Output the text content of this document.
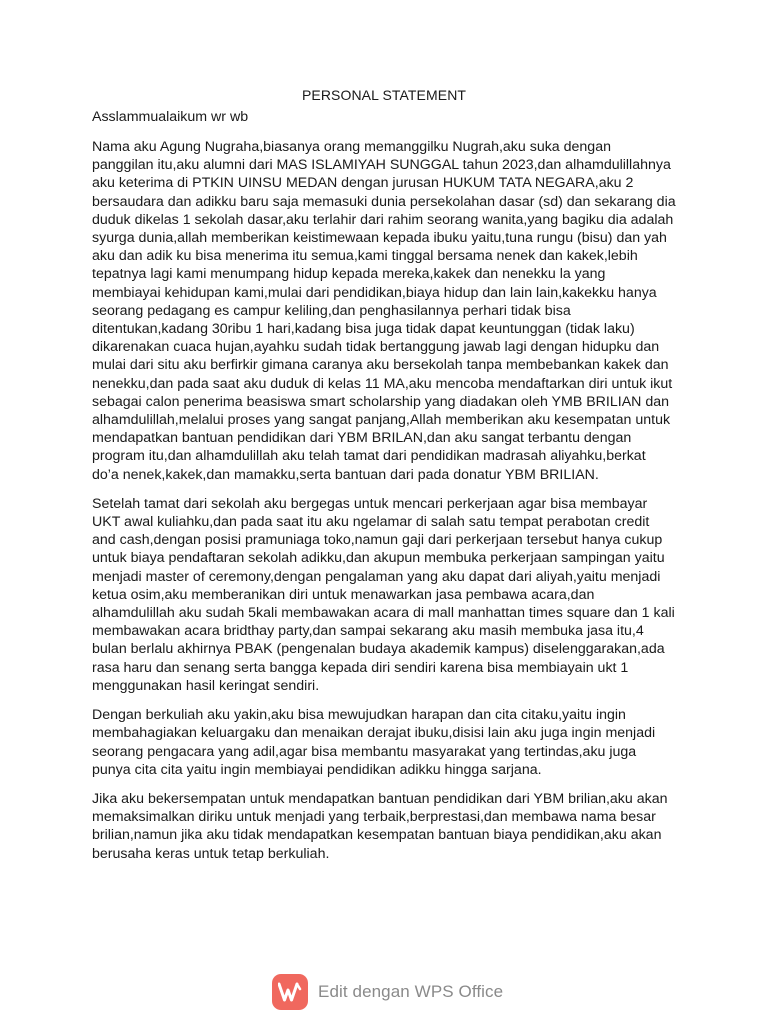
PERSONAL STATEMENT
Asslammualaikum wr wb

Nama aku Agung Nugraha,biasanya orang memanggilku Nugrah,aku suka dengan panggilan itu,aku alumni dari MAS ISLAMIYAH SUNGGAL tahun 2023,dan alhamdulillahnya aku keterima di PTKIN UINSU MEDAN dengan jurusan HUKUM TATA NEGARA,aku 2 bersaudara dan adikku baru saja memasuki dunia persekolahan dasar (sd) dan sekarang dia duduk dikelas 1 sekolah dasar,aku terlahir dari rahim seorang wanita,yang bagiku dia adalah syurga dunia,allah memberikan keistimewaan kepada ibuku yaitu,tuna rungu (bisu) dan yah aku dan adik ku bisa menerima itu semua,kami tinggal bersama nenek dan kakek,lebih tepatnya lagi kami menumpang hidup kepada mereka,kakek dan nenekku la yang membiayai kehidupan kami,mulai dari pendidikan,biaya hidup dan lain lain,kakekku hanya seorang pedagang es campur keliling,dan penghasilannya perhari tidak bisa ditentukan,kadang 30ribu 1 hari,kadang bisa juga tidak dapat keuntunggan (tidak laku) dikarenakan cuaca hujan,ayahku sudah tidak bertanggung jawab lagi dengan hidupku dan mulai dari situ aku berfirkir gimana caranya aku bersekolah tanpa membebankan kakek dan nenekku,dan pada saat aku duduk di kelas 11 MA,aku mencoba mendaftarkan diri untuk ikut sebagai calon penerima beasiswa smart scholarship yang diadakan oleh YMB BRILIAN dan alhamdulillah,melalui proses yang sangat panjang,Allah memberikan aku kesempatan untuk mendapatkan bantuan pendidikan dari YBM BRILAN,dan aku sangat terbantu dengan program itu,dan alhamdulillah aku telah tamat dari pendidikan madrasah aliyahku,berkat do’a nenek,kakek,dan mamakku,serta bantuan dari pada donatur YBM BRILIAN.

Setelah tamat dari sekolah aku bergegas untuk mencari perkerjaan agar bisa membayar UKT awal kuliahku,dan pada saat itu aku ngelamar di salah satu tempat perabotan credit and cash,dengan posisi pramuniaga toko,namun gaji dari perkerjaan tersebut hanya cukup untuk biaya pendaftaran sekolah adikku,dan akupun membuka perkerjaan sampingan yaitu menjadi master of ceremony,dengan pengalaman yang aku dapat dari aliyah,yaitu menjadi ketua osim,aku memberanikan diri untuk menawarkan jasa pembawa acara,dan alhamdulillah aku sudah 5kali membawakan acara di mall manhattan times square dan 1 kali membawakan acara bridthay party,dan sampai sekarang aku masih membuka jasa itu,4 bulan berlalu akhirnya PBAK (pengenalan budaya akademik kampus) diselenggarakan,ada rasa haru dan senang serta bangga kepada diri sendiri karena bisa membiayain ukt 1 menggunakan hasil keringat sendiri.

Dengan berkuliah aku yakin,aku bisa mewujudkan harapan dan cita citaku,yaitu ingin membahagiakan keluargaku dan menaikan derajat ibuku,disisi lain aku juga ingin menjadi seorang pengacara yang adil,agar bisa membantu masyarakat yang tertindas,aku juga punya cita cita yaitu ingin membiayai pendidikan adikku hingga sarjana.

Jika aku bekersempatan untuk mendapatkan bantuan pendidikan dari YBM brilian,aku akan memaksimalkan diriku untuk menjadi yang terbaik,berprestasi,dan membawa nama besar brilian,namun jika aku tidak mendapatkan kesempatan bantuan biaya pendidikan,aku akan berusaha keras untuk tetap berkuliah.

Edit dengan WPS Office
